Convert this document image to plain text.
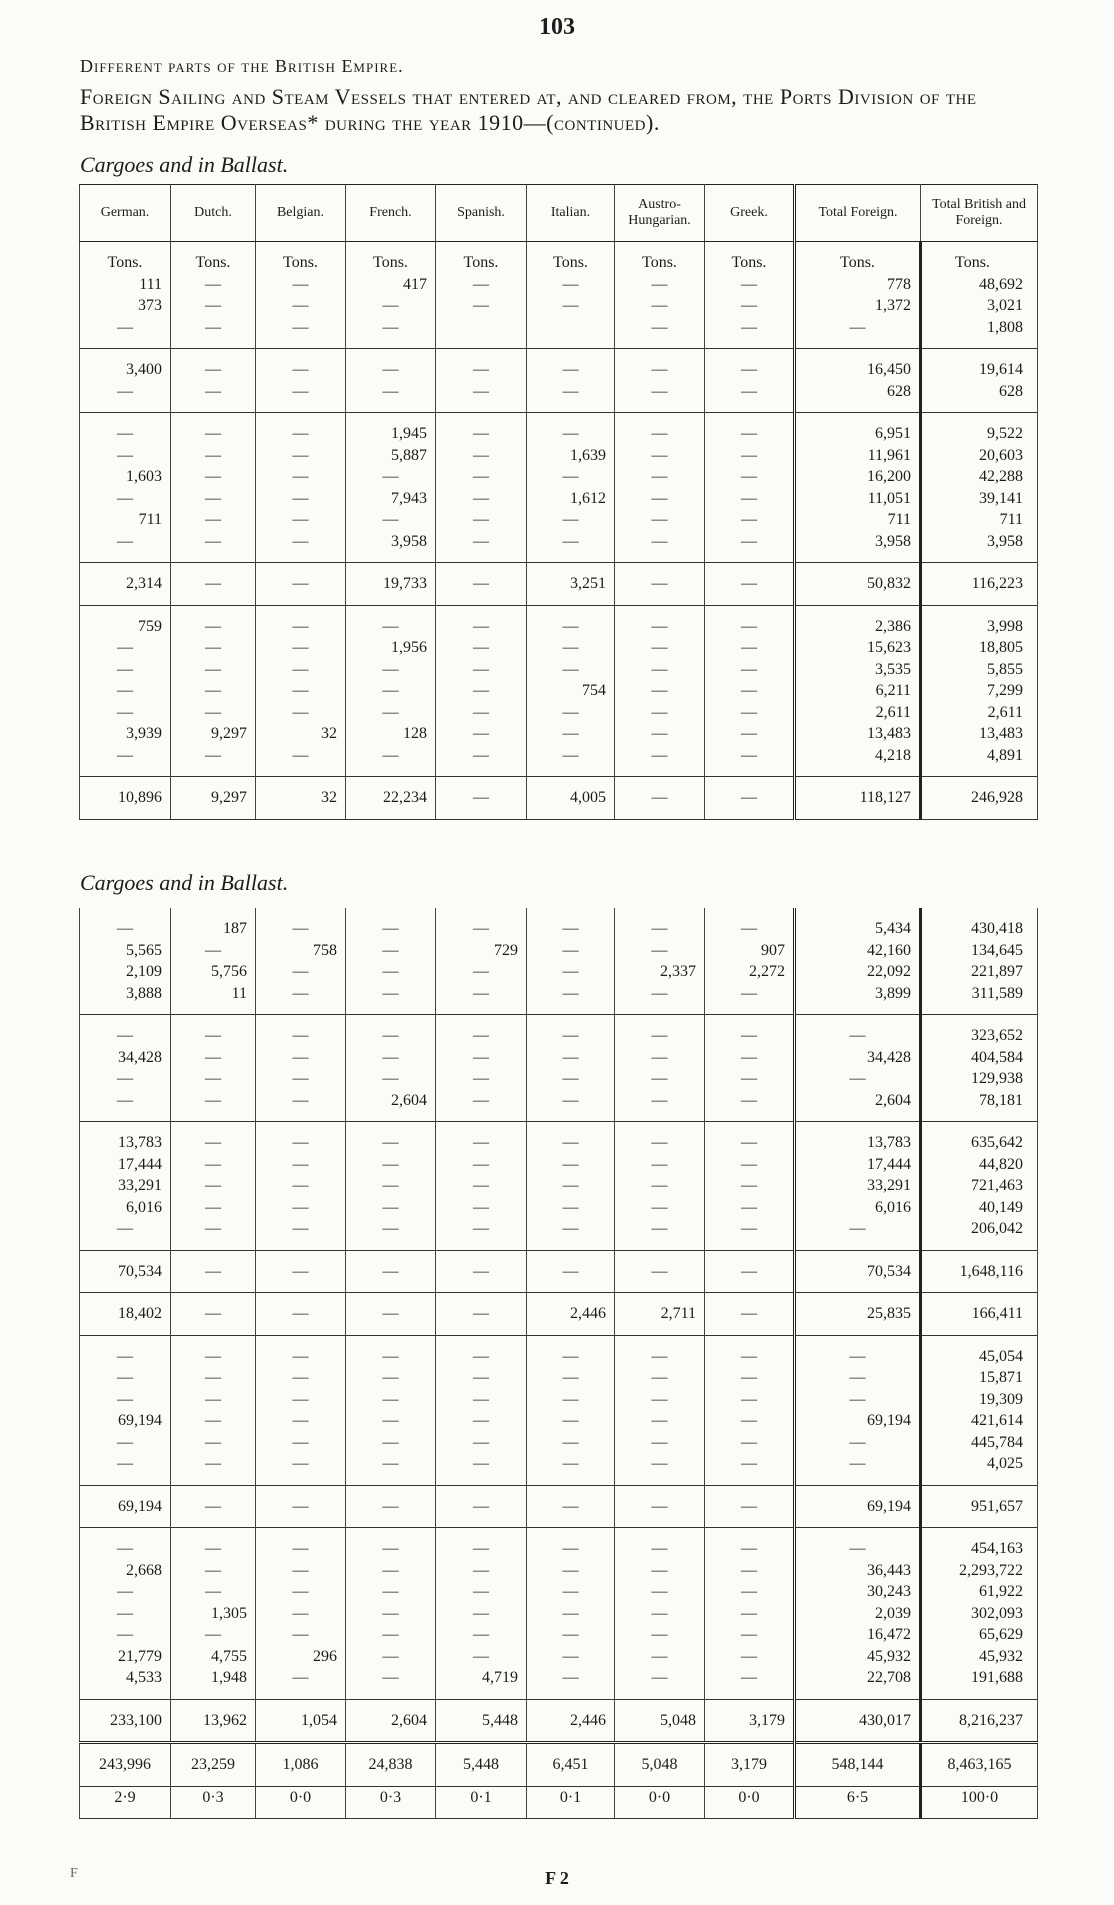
103
Different parts of the British Empire.
Foreign Sailing and Steam Vessels that entered at, and cleared from, the Ports Division of the British Empire Overseas* during the year 1910—(continued).
Cargoes and in Ballast.
German.	Dutch.	Belgian.	French.	Spanish.	Italian.	Austro-Hungarian.	Greek.	Total Foreign.	Total British and Foreign.
Tons.	Tons.	Tons.	Tons.	Tons.	Tons.	Tons.	Tons.	Tons.	Tons.
111	—	—	417	—	—	—	—	778	48,692
373	—	—	—	—	—	—	—	1,372	3,021
—	—	—	—			—	—	—	1,808
3,400	—	—	—	—	—	—	—	16,450	19,614
—	—	—	—	—	—	—	—	628	628
—	—	—	1,945	—	—	—	—	6,951	9,522
—	—	—	5,887	—	1,639	—	—	11,961	20,603
1,603	—	—	—	—	—	—	—	16,200	42,288
—	—	—	7,943	—	1,612	—	—	11,051	39,141
711	—	—	—	—	—	—	—	711	711
—	—	—	3,958	—	—	—	—	3,958	3,958
2,314	—	—	19,733	—	3,251	—	—	50,832	116,223
759	—	—	—	—	—	—	—	2,386	3,998
—	—	—	1,956	—	—	—	—	15,623	18,805
—	—	—	—	—	—	—	—	3,535	5,855
—	—	—	—	—	754	—	—	6,211	7,299
—	—	—	—	—	—	—	—	2,611	2,611
3,939	9,297	32	128	—	—	—	—	13,483	13,483
—	—	—	—	—	—	—	—	4,218	4,891
10,896	9,297	32	22,234	—	4,005	—	—	118,127	246,928
Cargoes and in Ballast.
—	187	—	—	—	—	—	—	5,434	430,418
5,565	—	758	—	729	—	—	907	42,160	134,645
2,109	5,756	—	—	—	—	2,337	2,272	22,092	221,897
3,888	11	—	—	—	—	—	—	3,899	311,589
—	—	—	—	—	—	—	—	—	323,652
34,428	—	—	—	—	—	—	—	34,428	404,584
—	—	—	—	—	—	—	—	—	129,938
—	—	—	2,604	—	—	—	—	2,604	78,181
13,783	—	—	—	—	—	—	—	13,783	635,642
17,444	—	—	—	—	—	—	—	17,444	44,820
33,291	—	—	—	—	—	—	—	33,291	721,463
6,016	—	—	—	—	—	—	—	6,016	40,149
—	—	—	—	—	—	—	—	—	206,042
70,534	—	—	—	—	—	—	—	70,534	1,648,116
18,402	—	—	—	—	2,446	2,711	—	25,835	166,411
—	—	—	—	—	—	—	—	—	45,054
—	—	—	—	—	—	—	—	—	15,871
—	—	—	—	—	—	—	—	—	19,309
69,194	—	—	—	—	—	—	—	69,194	421,614
—	—	—	—	—	—	—	—	—	445,784
—	—	—	—	—	—	—	—	—	4,025
69,194	—	—	—	—	—	—	—	69,194	951,657
—	—	—	—	—	—	—	—	—	454,163
2,668	—	—	—	—	—	—	—	36,443	2,293,722
—	—	—	—	—	—	—	—	30,243	61,922
—	1,305	—	—	—	—	—	—	2,039	302,093
—	—	—	—	—	—	—	—	16,472	65,629
21,779	4,755	296	—	—	—	—	—	45,932	45,932
4,533	1,948	—	—	4,719	—	—	—	22,708	191,688
233,100	13,962	1,054	2,604	5,448	2,446	5,048	3,179	430,017	8,216,237
243,996	23,259	1,086	24,838	5,448	6,451	5,048	3,179	548,144	8,463,165
2·9	0·3	0·0	0·3	0·1	0·1	0·0	0·0	6·5	100·0
F	F 2
